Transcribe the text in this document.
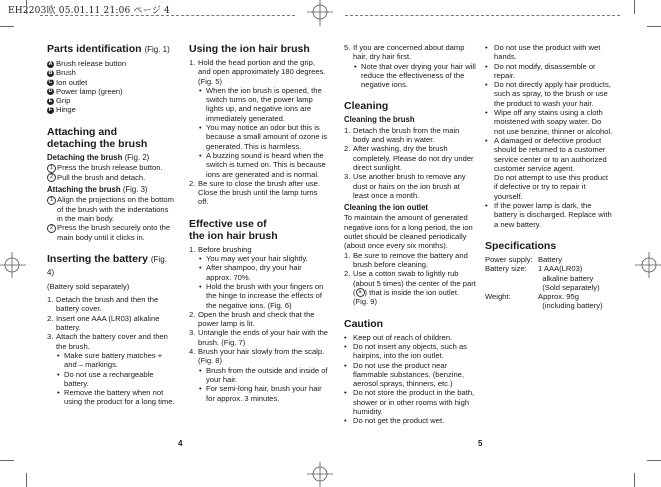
EH2203欧 05.01.11 21:06 ページ 4
Parts identification (Fig. 1)
A Brush release button
B Brush
C Ion outlet
D Power lamp (green)
E Grip
F Hinge
Attaching and
detaching the brush
Detaching the brush (Fig. 2)
1 Press the brush release button.
2 Pull the brush and detach.
Attaching the brush (Fig. 3)
1 Align the projections on the bottom of the brush with the indentations in the main body.
2 Press the brush securely onto the main body until it clicks in.
Inserting the battery (Fig. 4)

(Battery sold separately)

1. Detach the brush and then the battery cover.
2. Insert one AAA (LR03) alkaline battery.
3. Attach the battery cover and then the brush.
• Make sure battery matches + and – markings.
• Do not use a rechargeable battery.
• Remove the battery when not using the product for a long time.
Using the ion hair brush
1. Hold the head portion and the grip, and open approximately 180 degrees. (Fig. 5)
• When the ion brush is opened, the switch turns on, the power lamp lights up, and negative ions are immediately generated.
• You may notice an odor but this is because a small amount of ozone is generated. This is harmless.
• A buzzing sound is heard when the switch is turned on. This is because ions are generated and is normal.
2. Be sure to close the brush after use. Close the brush until the lamp turns off.
Effective use of
the ion hair brush
1. Before brushing
• You may wet your hair slightly.
• After shampoo, dry your hair approx. 70%.
• Hold the brush with your fingers on the hinge to increase the effects of the negative ions. (Fig. 6)
2. Open the brush and check that the power lamp is lit.
3. Untangle the ends of your hair with the brush. (Fig. 7)
4. Brush your hair slowly from the scalp. (Fig. 8)
• Brush from the outside and inside of your hair.
• For semi-long hair, brush your hair for approx. 3 minutes.
5. If you are concerned about damp hair, dry hair first.
• Note that over drying your hair will reduce the effectiveness of the negative ions.
Cleaning
Cleaning the brush
1. Detach the brush from the main body and wash in water.
2. After washing, dry the brush completely. Please do not dry under direct sunlight.
3. Use another brush to remove any dust or hairs on the ion brush at least once a month.
Cleaning the ion outlet

To maintain the amount of generated negative ions for a long period, the ion outlet should be cleaned periodically (about once every six months).

1. Be sure to remove the battery and brush before cleaning.
2. Use a cotton swab to lightly rub (about 5 times) the center of the part ( a ) that is inside the ion outlet. (Fig. 9)
Caution
• Keep out of reach of children.
• Do not insert any objects, such as hairpins, into the ion outlet.
• Do not use the product near flammable substances. (benzine, aerosol sprays, thinners, etc.)
• Do not store the product in the bath, shower or in other rooms with high humidity.
• Do not get the product wet.
• Do not use the product with wet hands.
• Do not modify, disassemble or repair.
• Do not directly apply hair products, such as spray, to the brush or use the product to wash your hair.
• Wipe off any stains using a cloth moistened with soapy water. Do not use benzine, thinner or alcohol.
• A damaged or defective product should be returned to a customer service center or to an authorized customer service agent.
Do not attempt to use this product if defective or try to repair it yourself.
• If the power lamp is dark, the battery is discharged. Replace with a new battery.
Specifications
Power supply: Battery
Battery size:	1 AAA(LR03)
alkaline battery
(Sold separately)
Weight:	Approx. 95g
(including battery)
4	5
